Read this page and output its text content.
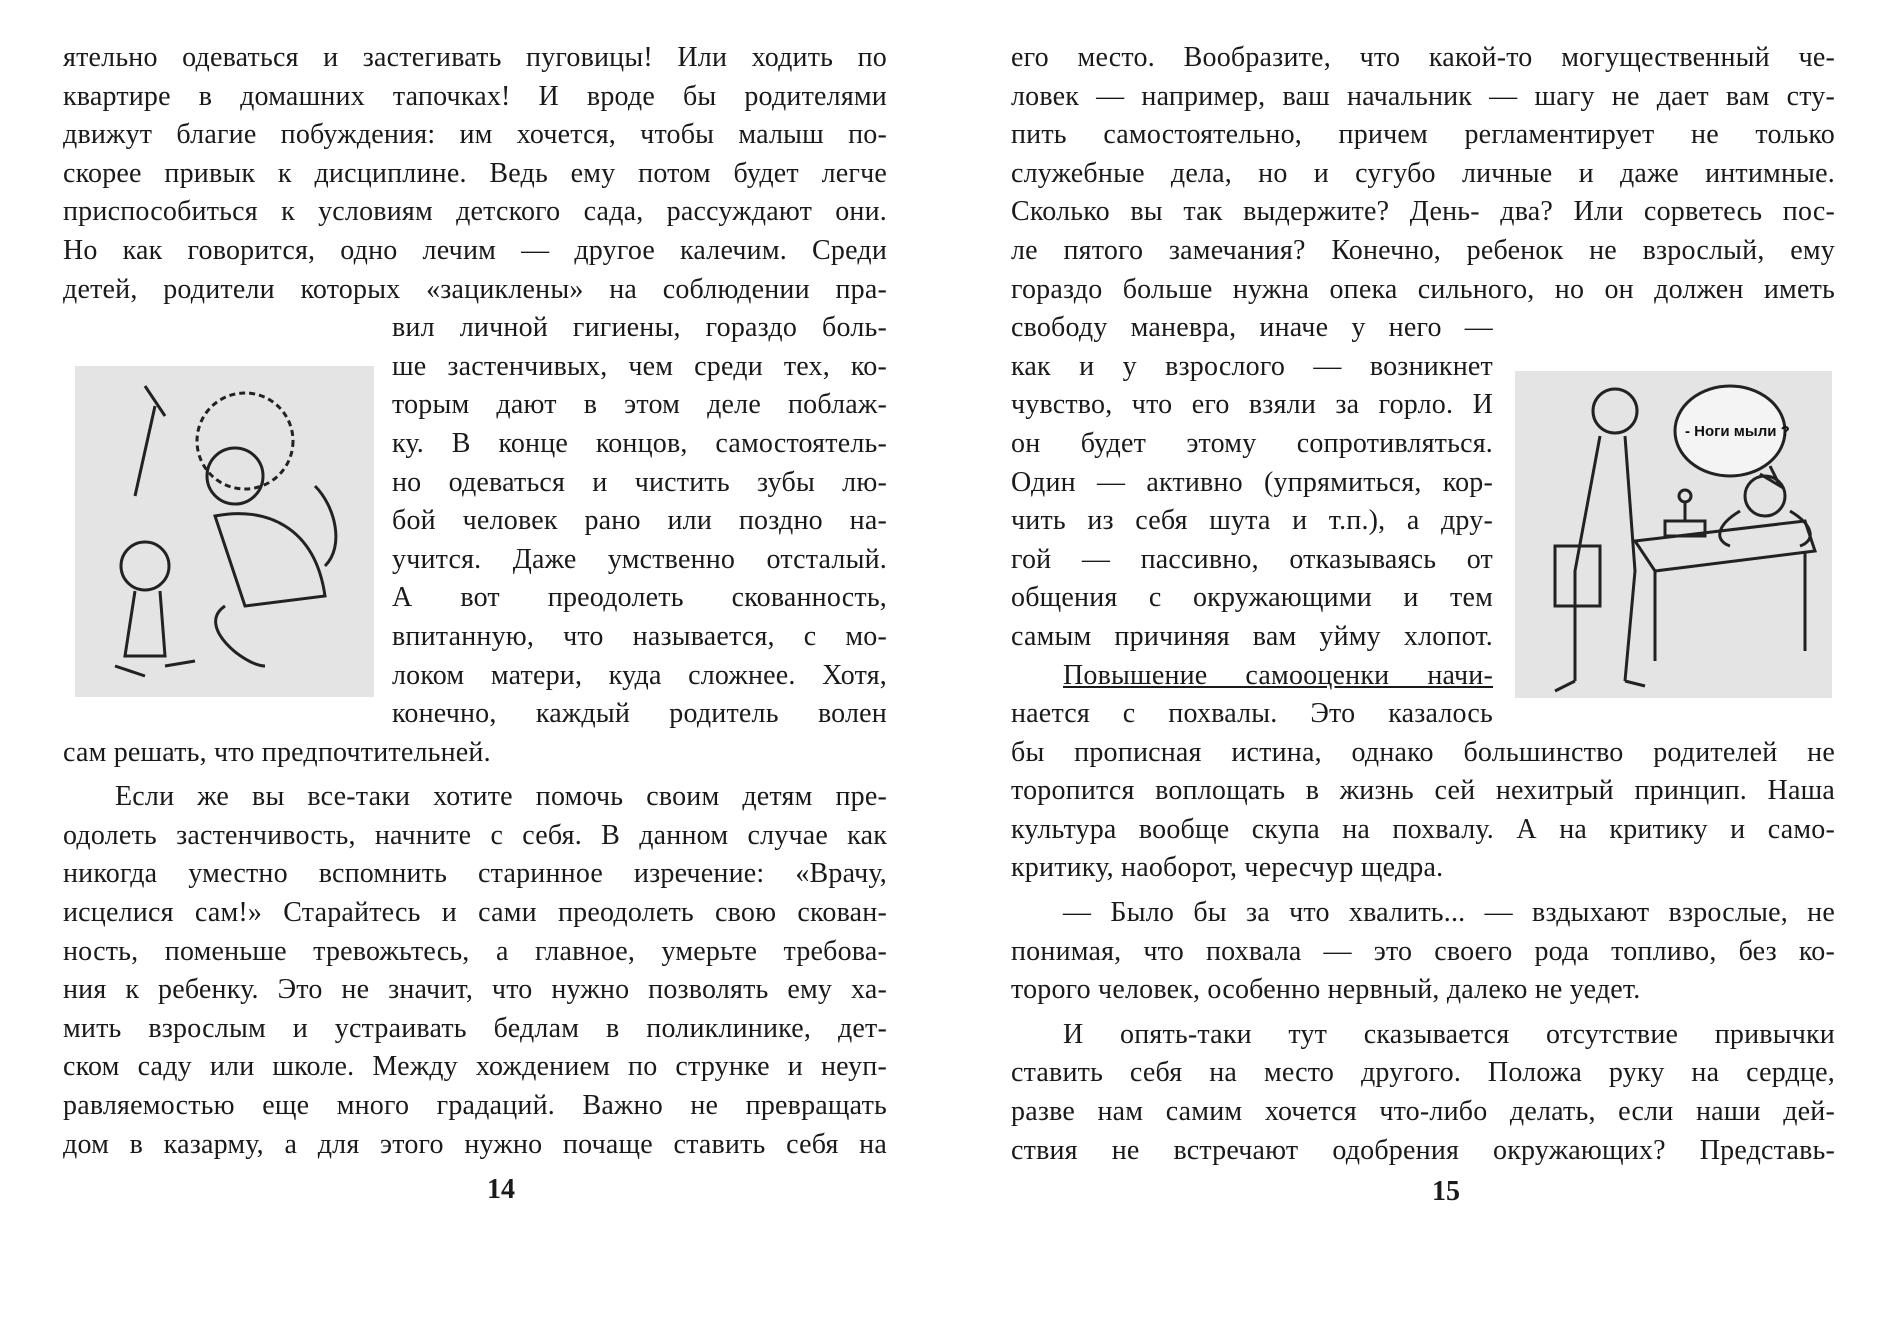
ятельно одеваться и застегивать пуговицы! Или ходить по
квартире в домашних тапочках! И вроде бы родителями
движут благие побуждения: им хочется, чтобы малыш по-
скорее привык к дисциплине. Ведь ему потом будет легче
приспособиться к условиям детского сада, рассуждают они.
Но как говорится, одно лечим — другое калечим. Среди
детей, родители которых «зациклены» на соблюдении пра-
вил личной гигиены, гораздо боль-
ше застенчивых, чем среди тех, ко-
торым дают в этом деле поблаж-
ку. В конце концов, самостоятель-
но одеваться и чистить зубы лю-
бой человек рано или поздно на-
учится. Даже умственно отсталый.
А вот преодолеть скованность,
впитанную, что называется, с мо-
локом матери, куда сложнее. Хотя,
конечно, каждый родитель волен
сам решать, что предпочтительней.
Если же вы все-таки хотите помочь своим детям пре-
одолеть застенчивость, начните с себя. В данном случае как
никогда уместно вспомнить старинное изречение: «Врачу,
исцелися сам!» Старайтесь и сами преодолеть свою скован-
ность, поменьше тревожьтесь, а главное, умерьте требова-
ния к ребенку. Это не значит, что нужно позволять ему ха-
мить взрослым и устраивать бедлам в поликлинике, дет-
ском саду или школе. Между хождением по струнке и неуп-
равляемостью еще много градаций. Важно не превращать
дом в казарму, а для этого нужно почаще ставить себя на
его место. Вообразите, что какой-то могущественный че-
ловек — например, ваш начальник — шагу не дает вам сту-
пить самостоятельно, причем регламентирует не только
служебные дела, но и сугубо личные и даже интимные.
Сколько вы так выдержите? День- два? Или сорветесь пос-
ле пятого замечания? Конечно, ребенок не взрослый, ему
гораздо больше нужна опека сильного, но он должен иметь
свободу маневра, иначе у него —
как и у взрослого — возникнет
чувство, что его взяли за горло. И
он будет этому сопротивляться.
Один — активно (упрямиться, кор-
чить из себя шута и т.п.), а дру-
гой — пассивно, отказываясь от
общения с окружающими и тем
самым причиняя вам уйму хлопот.
Повышение самооценки начи-
нается с похвалы. Это казалось
бы прописная истина, однако большинство родителей не
торопится воплощать в жизнь сей нехитрый принцип. Наша
культура вообще скупа на похвалу. А на критику и само-
критику, наоборот, чересчур щедра.
— Было бы за что хвалить... — вздыхают взрослые, не
понимая, что похвала — это своего рода топливо, без ко-
торого человек, особенно нервный, далеко не уедет.
И опять-таки тут сказывается отсутствие привычки
ставить себя на место другого. Положа руку на сердце,
разве нам самим хочется что-либо делать, если наши дей-
ствия не встречают одобрения окружающих? Представь-
- Ноги мыли ?
14	15
